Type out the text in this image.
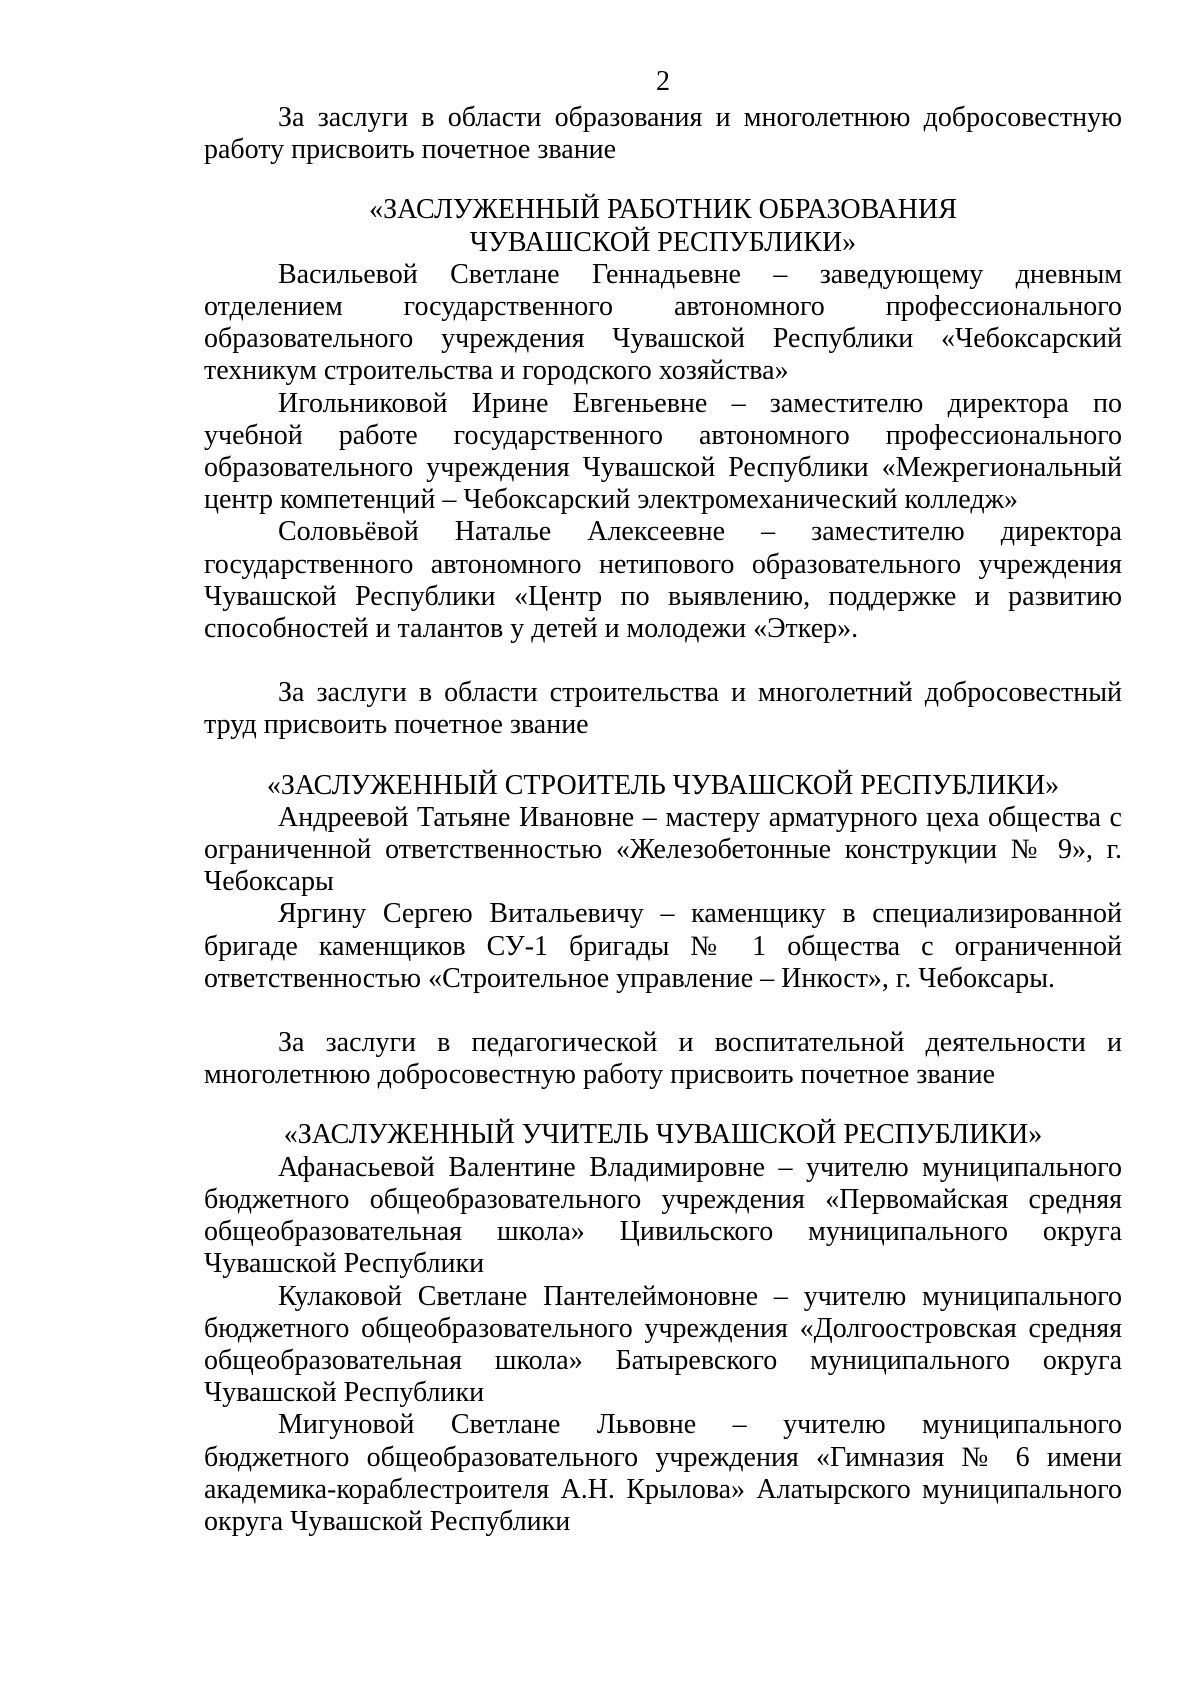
2

За заслуги в области образования и многолетнюю добросовестную работу присвоить почетное звание

«ЗАСЛУЖЕННЫЙ РАБОТНИК ОБРАЗОВАНИЯ

ЧУВАШСКОЙ РЕСПУБЛИКИ»

Васильевой Светлане Геннадьевне – заведующему дневным отделением государственного автономного профессионального образовательного учреждения Чувашской Республики «Чебоксарский техникум строительства и городского хозяйства»

Игольниковой Ирине Евгеньевне – заместителю директора по учебной работе государственного автономного профессионального образовательного учреждения Чувашской Республики «Межрегиональный центр компетенций – Чебоксарский электромеханический колледж»

Соловьёвой Наталье Алексеевне – заместителю директора государственного автономного нетипового образовательного учреждения Чувашской Республики «Центр по выявлению, поддержке и развитию способностей и талантов у детей и молодежи «Эткер».

За заслуги в области строительства и многолетний добросовестный труд присвоить почетное звание

«ЗАСЛУЖЕННЫЙ СТРОИТЕЛЬ ЧУВАШСКОЙ РЕСПУБЛИКИ»

Андреевой Татьяне Ивановне – мастеру арматурного цеха общества с ограниченной ответственностью «Железобетонные конструкции № 9», г. Чебоксары

Яргину Сергею Витальевичу – каменщику в специализированной бригаде каменщиков СУ-1 бригады № 1 общества с ограниченной ответственностью «Строительное управление – Инкост», г. Чебоксары.

За заслуги в педагогической и воспитательной деятельности и многолетнюю добросовестную работу присвоить почетное звание

«ЗАСЛУЖЕННЫЙ УЧИТЕЛЬ ЧУВАШСКОЙ РЕСПУБЛИКИ»

Афанасьевой Валентине Владимировне – учителю муниципального бюджетного общеобразовательного учреждения «Первомайская средняя общеобразовательная школа» Цивильского муниципального округа Чувашской Республики

Кулаковой Светлане Пантелеймоновне – учителю муниципального бюджетного общеобразовательного учреждения «Долгоостровская средняя общеобразовательная школа» Батыревского муниципального округа Чувашской Республики

Мигуновой Светлане Львовне – учителю муниципального бюджетного общеобразовательного учреждения «Гимназия № 6 имени академика-кораблестроителя А.Н. Крылова» Алатырского муниципального округа Чувашской Республики
